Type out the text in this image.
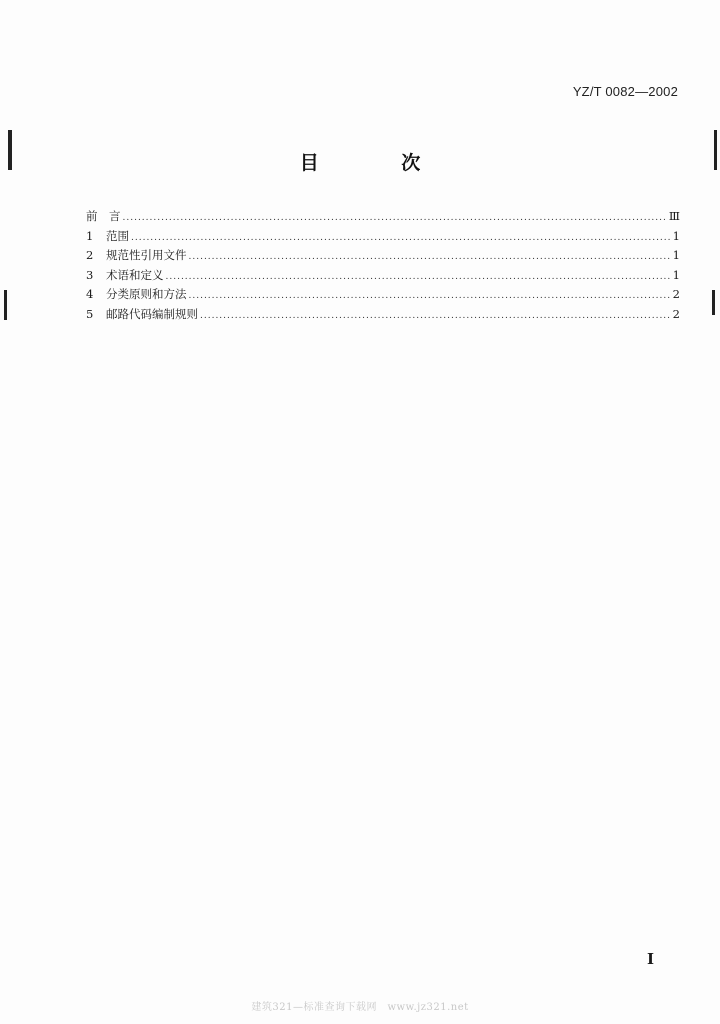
YZ/T 0082—2002
目 次
前　言 .....	Ⅲ
1	范围 .....	1
2	规范性引用文件 .....	1
3	术语和定义 .....	1
4	分类原则和方法 .....	2
5	邮路代码编制规则 .....	2
I
建筑321—标准查询下载网　www.jz321.net
